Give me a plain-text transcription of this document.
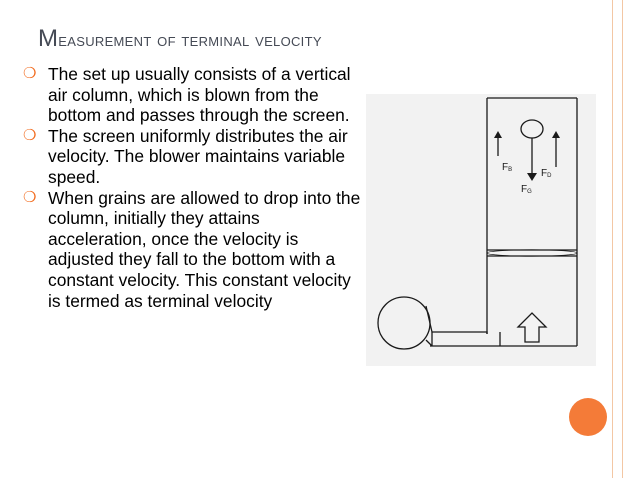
Measurement of terminal velocity
❍ The set up usually consists of a vertical air column, which is blown from the bottom and passes through the screen.
❍ The screen uniformly distributes the air velocity. The blower maintains variable speed.
❍ When grains are allowed to drop into the column, initially they attains acceleration, once the velocity is adjusted they fall to the bottom with a constant velocity. This constant velocity is termed as terminal velocity
FB	FD
FG
